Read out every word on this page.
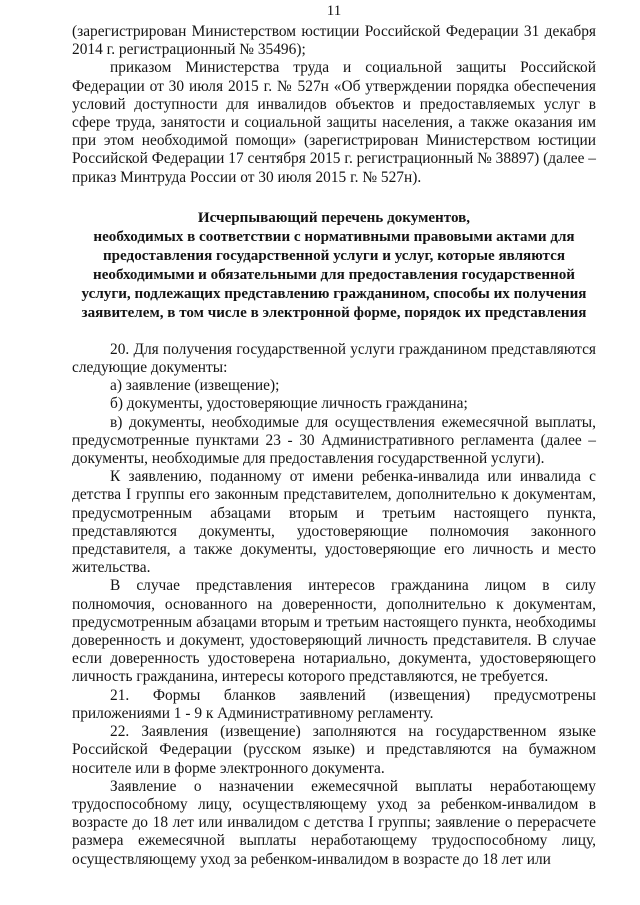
11

(зарегистрирован Министерством юстиции Российской Федерации 31 декабря 2014 г. регистрационный № 35496);

приказом Министерства труда и социальной защиты Российской Федерации от 30 июля 2015 г. № 527н «Об утверждении порядка обеспечения условий доступности для инвалидов объектов и предоставляемых услуг в сфере труда, занятости и социальной защиты населения, а также оказания им при этом необходимой помощи» (зарегистрирован Министерством юстиции Российской Федерации 17 сентября 2015 г. регистрационный № 38897) (далее – приказ Минтруда России от 30 июля 2015 г. № 527н).

Исчерпывающий перечень документов,
необходимых в соответствии с нормативными правовыми актами для
предоставления государственной услуги и услуг, которые являются
необходимыми и обязательными для предоставления государственной
услуги, подлежащих представлению гражданином, способы их получения
заявителем, в том числе в электронной форме, порядок их представления

20. Для получения государственной услуги гражданином представляются следующие документы:

а) заявление (извещение);

б) документы, удостоверяющие личность гражданина;

в) документы, необходимые для осуществления ежемесячной выплаты, предусмотренные пунктами 23 - 30 Административного регламента (далее – документы, необходимые для предоставления государственной услуги).

К заявлению, поданному от имени ребенка-инвалида или инвалида с детства I группы его законным представителем, дополнительно к документам, предусмотренным абзацами вторым и третьим настоящего пункта, представляются документы, удостоверяющие полномочия законного представителя, а также документы, удостоверяющие его личность и место жительства.

В случае представления интересов гражданина лицом в силу полномочия, основанного на доверенности, дополнительно к документам, предусмотренным абзацами вторым и третьим настоящего пункта, необходимы доверенность и документ, удостоверяющий личность представителя. В случае если доверенность удостоверена нотариально, документа, удостоверяющего личность гражданина, интересы которого представляются, не требуется.

21. Формы бланков заявлений (извещения) предусмотрены приложениями 1 - 9 к Административному регламенту.

22. Заявления (извещение) заполняются на государственном языке Российской Федерации (русском языке) и представляются на бумажном носителе или в форме электронного документа.

Заявление о назначении ежемесячной выплаты неработающему трудоспособному лицу, осуществляющему уход за ребенком-инвалидом в возрасте до 18 лет или инвалидом с детства I группы; заявление о перерасчете размера ежемесячной выплаты неработающему трудоспособному лицу, осуществляющему уход за ребенком-инвалидом в возрасте до 18 лет или
